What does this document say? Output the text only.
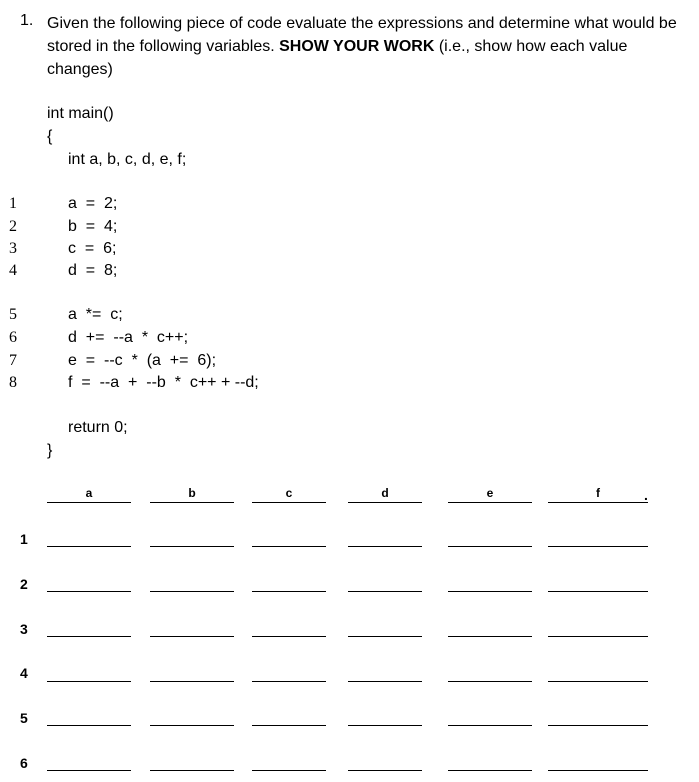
1. Given the following piece of code evaluate the expressions and determine what would be stored in the following variables. SHOW YOUR WORK (i.e., show how each value changes)
int main()
{
int a, b, c, d, e, f;
1	a  =  2;
2	b  =  4;
3	c  =  6;
4	d  =  8;
5	a  *=  c;
6	d  +=  --a  *  c++;
7	e  =  --c  *  (a  +=  6);
8	f  =  --a  +  --b  *  c++ + --d;
return 0;
}
a	b	c	d	e	f	.
1
2
3
4
5
6
